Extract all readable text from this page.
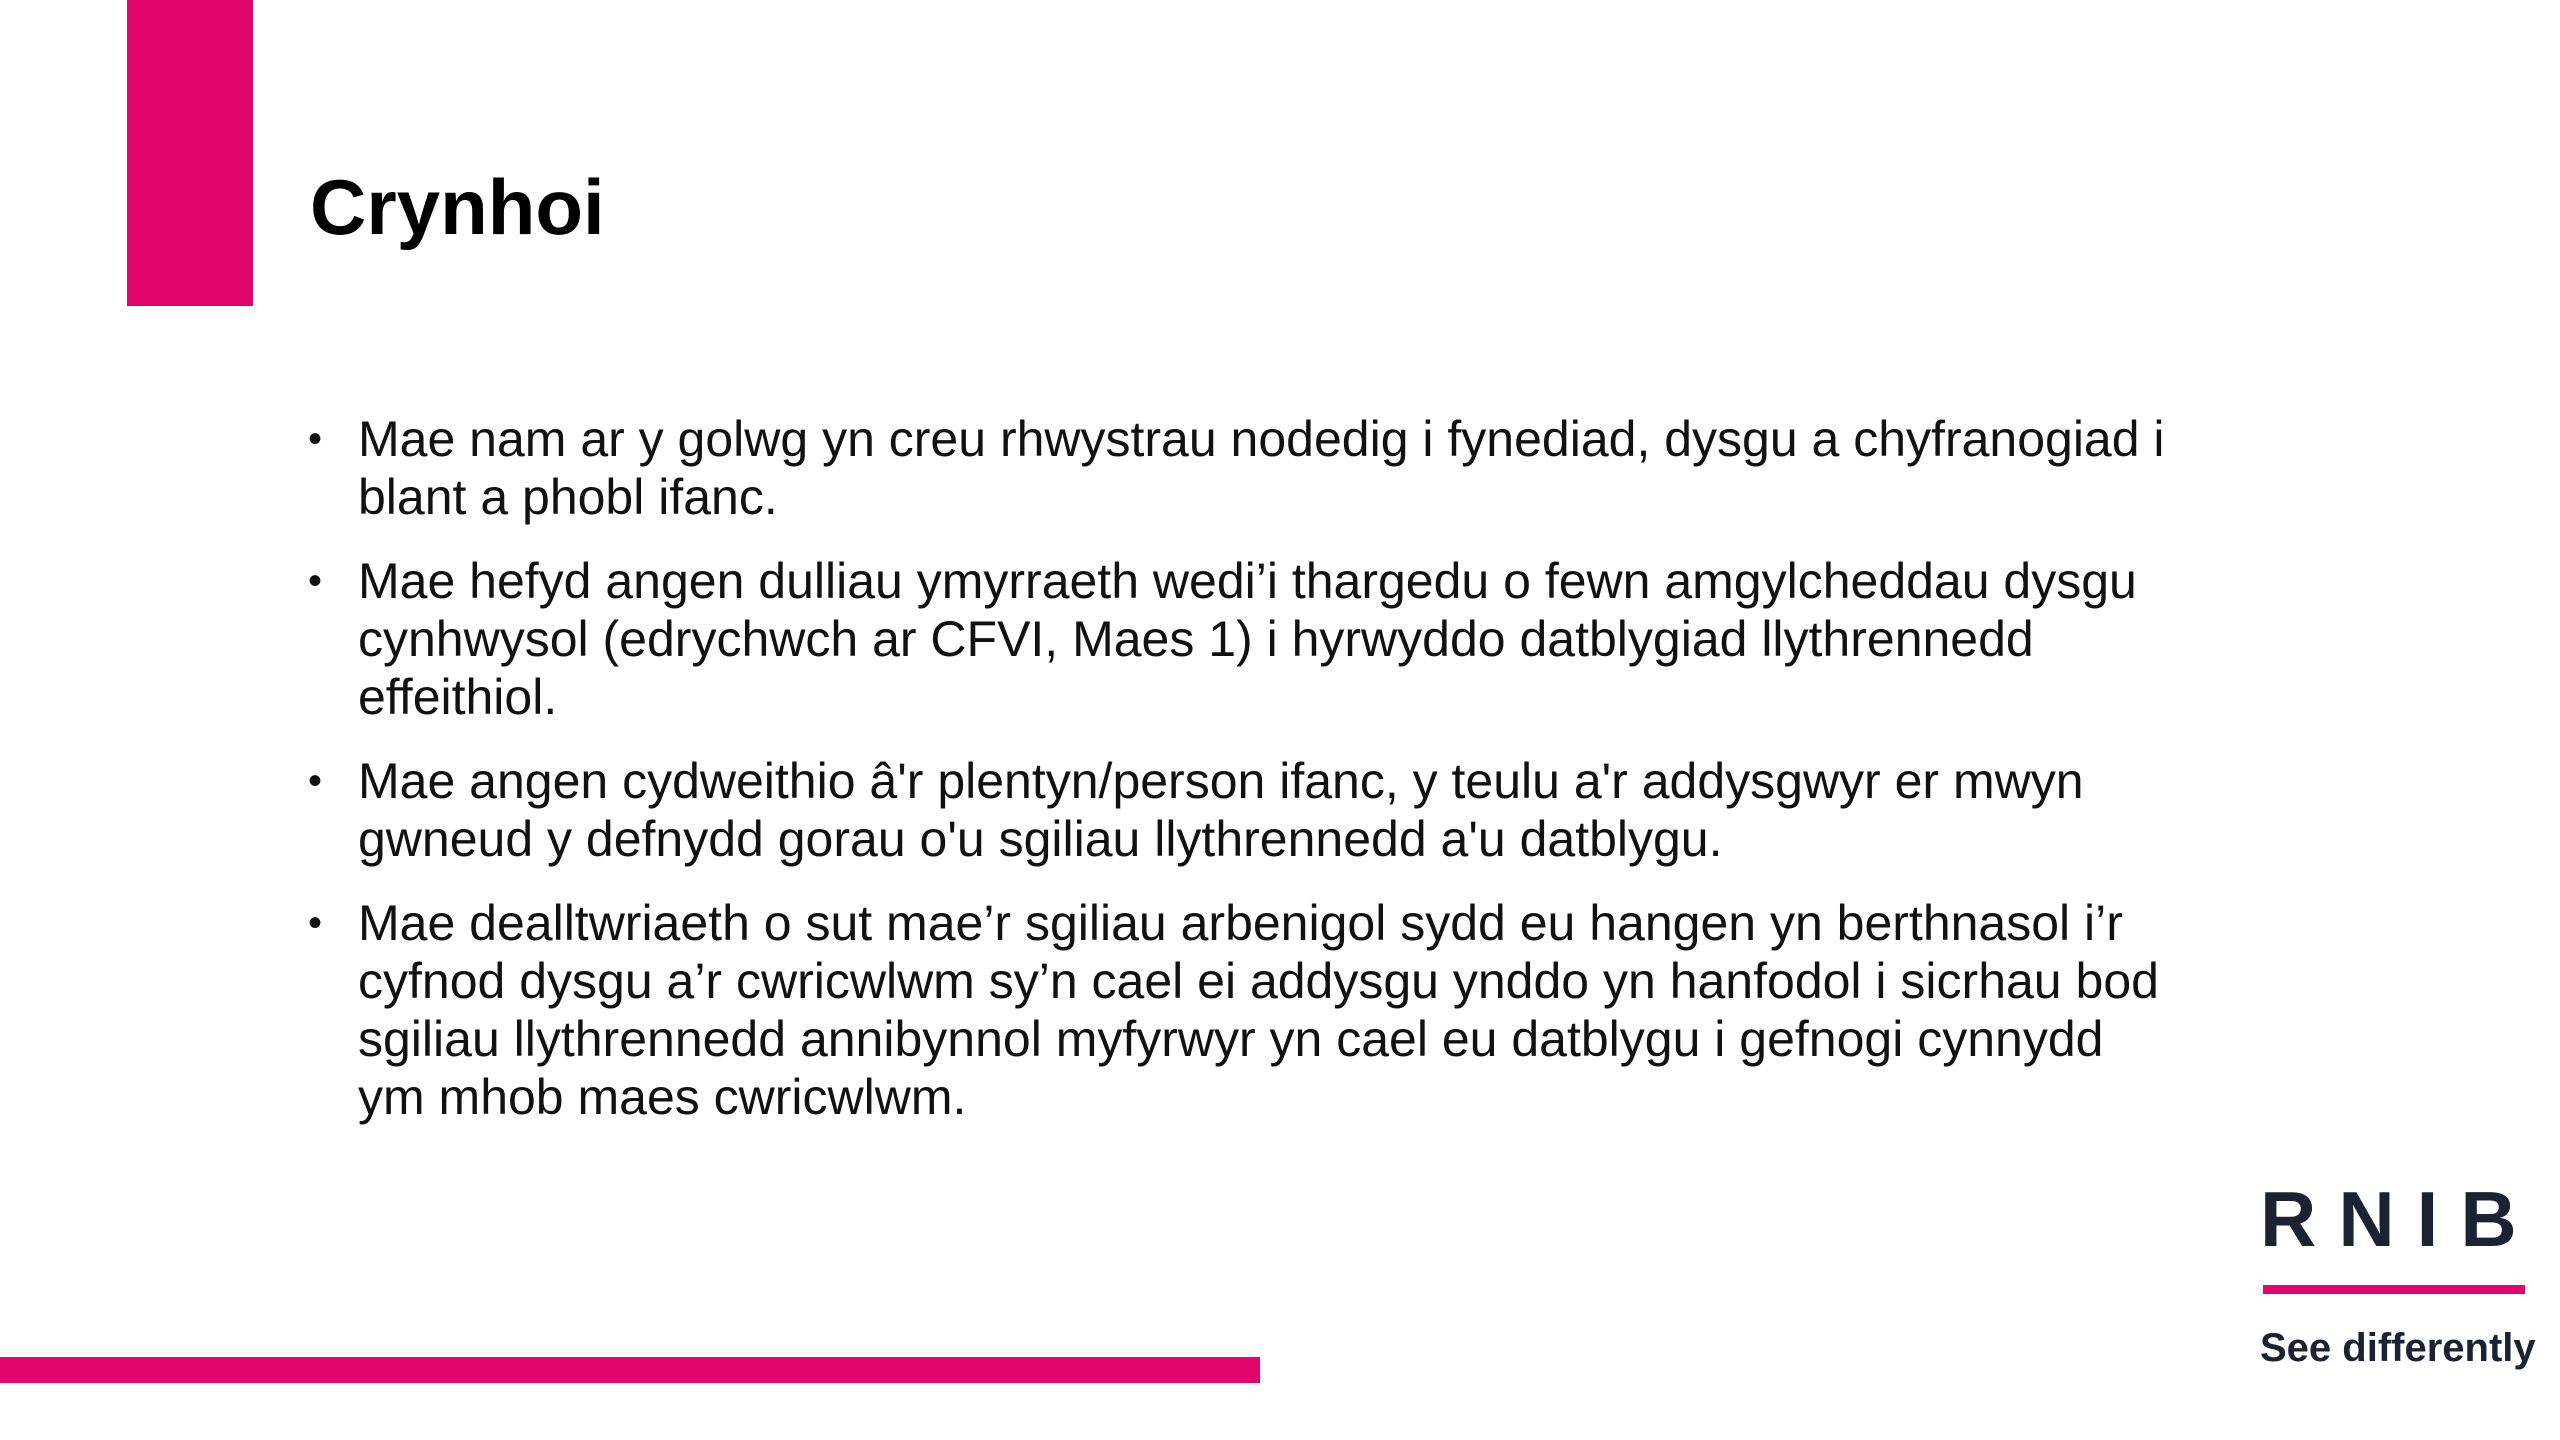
Crynhoi
• Mae nam ar y golwg yn creu rhwystrau nodedig i fynediad, dysgu a chyfranogiad i blant a phobl ifanc.
• Mae hefyd angen dulliau ymyrraeth wedi’i thargedu o fewn amgylcheddau dysgu cynhwysol (edrychwch ar CFVI, Maes 1) i hyrwyddo datblygiad llythrennedd effeithiol.
• Mae angen cydweithio â'r plentyn/person ifanc, y teulu a'r addysgwyr er mwyn gwneud y defnydd gorau o'u sgiliau llythrennedd a'u datblygu.
• Mae dealltwriaeth o sut mae’r sgiliau arbenigol sydd eu hangen yn berthnasol i’r cyfnod dysgu a’r cwricwlwm sy’n cael ei addysgu ynddo yn hanfodol i sicrhau bod sgiliau llythrennedd annibynnol myfyrwyr yn cael eu datblygu i gefnogi cynnydd ym mhob maes cwricwlwm.
RNIB
See differently
